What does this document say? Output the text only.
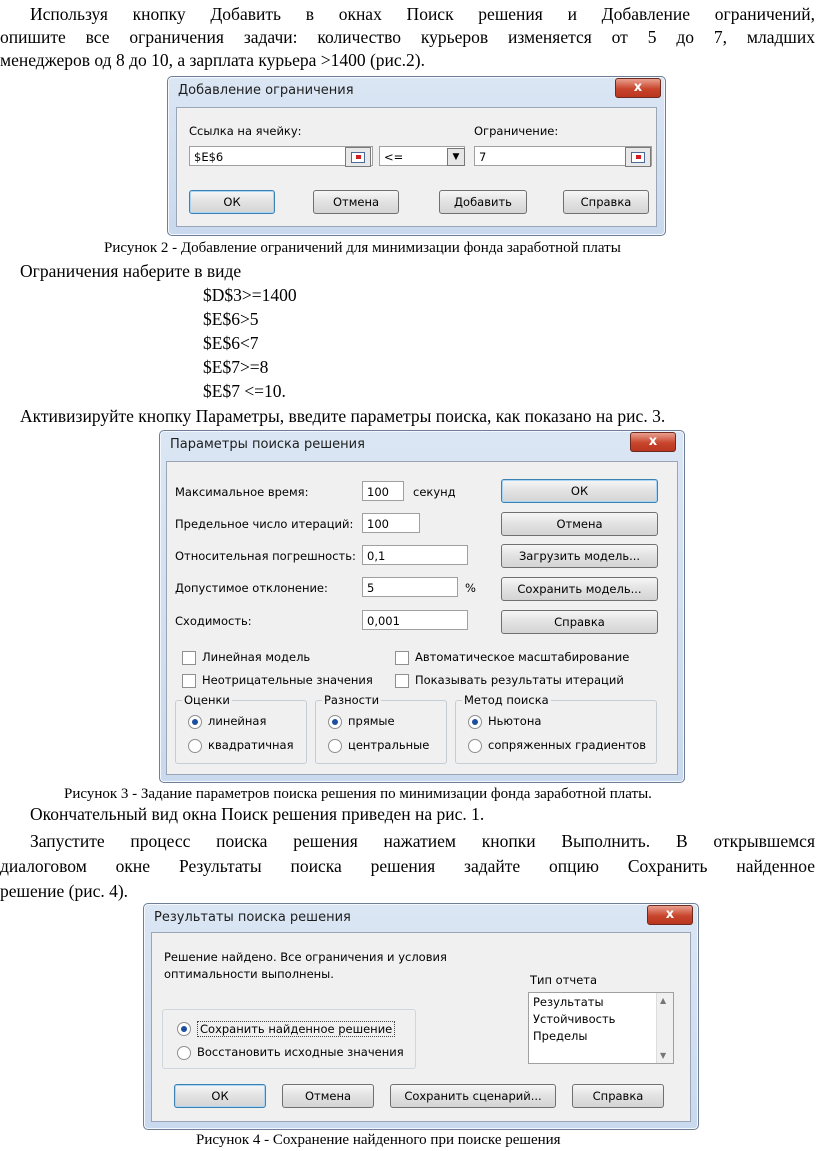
Используя кнопку Добавить в окнах Поиск решения и Добавление ограничений,
опишите все ограничения задачи: количество курьеров изменяется от 5 до 7, младших
менеджеров од 8 до 10, а зарплата курьера >1400 (рис.2).
Добавление ограничения	x
Ссылка на ячейку:
$E$6	<=	▼
Ограничение:
7
ОК	Отмена	Добавить	Справка
Рисунок 2 - Добавление ограничений для минимизации фонда заработной платы
Ограничения наберите в виде
$D$3>=1400
$E$6>5
$E$6<7
$E$7>=8
$E$7 <=10.
Активизируйте кнопку Параметры, введите параметры поиска, как показано на рис. 3.
Параметры поиска решения	x
Максимальное время:	100	секунд
Предельное число итераций:	100
Относительная погрешность: 0,1
Допустимое отклонение:	5	%
Сходимость:	0,001
ОК
Отмена
Загрузить модель...
Сохранить модель...
Справка
Линейная модель	Автоматическое масштабирование
Неотрицательные значения	Показывать результаты итераций
Оценки
линейная
квадратичная
Разности
прямые
центральные
Метод поиска
Ньютона
сопряженных градиентов
Рисунок 3 - Задание параметров поиска решения по минимизации фонда заработной платы.
Окончательный вид окна Поиск решения приведен на рис. 1.
Запустите процесс поиска решения нажатием кнопки Выполнить. В открывшемся
диалоговом окне Результаты поиска решения задайте опцию Сохранить найденное
решение (рис. 4).
Результаты поиска решения	x
Решение найдено. Все ограничения и условия
оптимальности выполнены.	Тип отчета
Результаты
Устойчивость
Пределы
▲
▼
Сохранить найденное решение
Восстановить исходные значения
ОК	Отмена	Сохранить сценарий...	Справка
Рисунок 4 - Сохранение найденного при поиске решения
